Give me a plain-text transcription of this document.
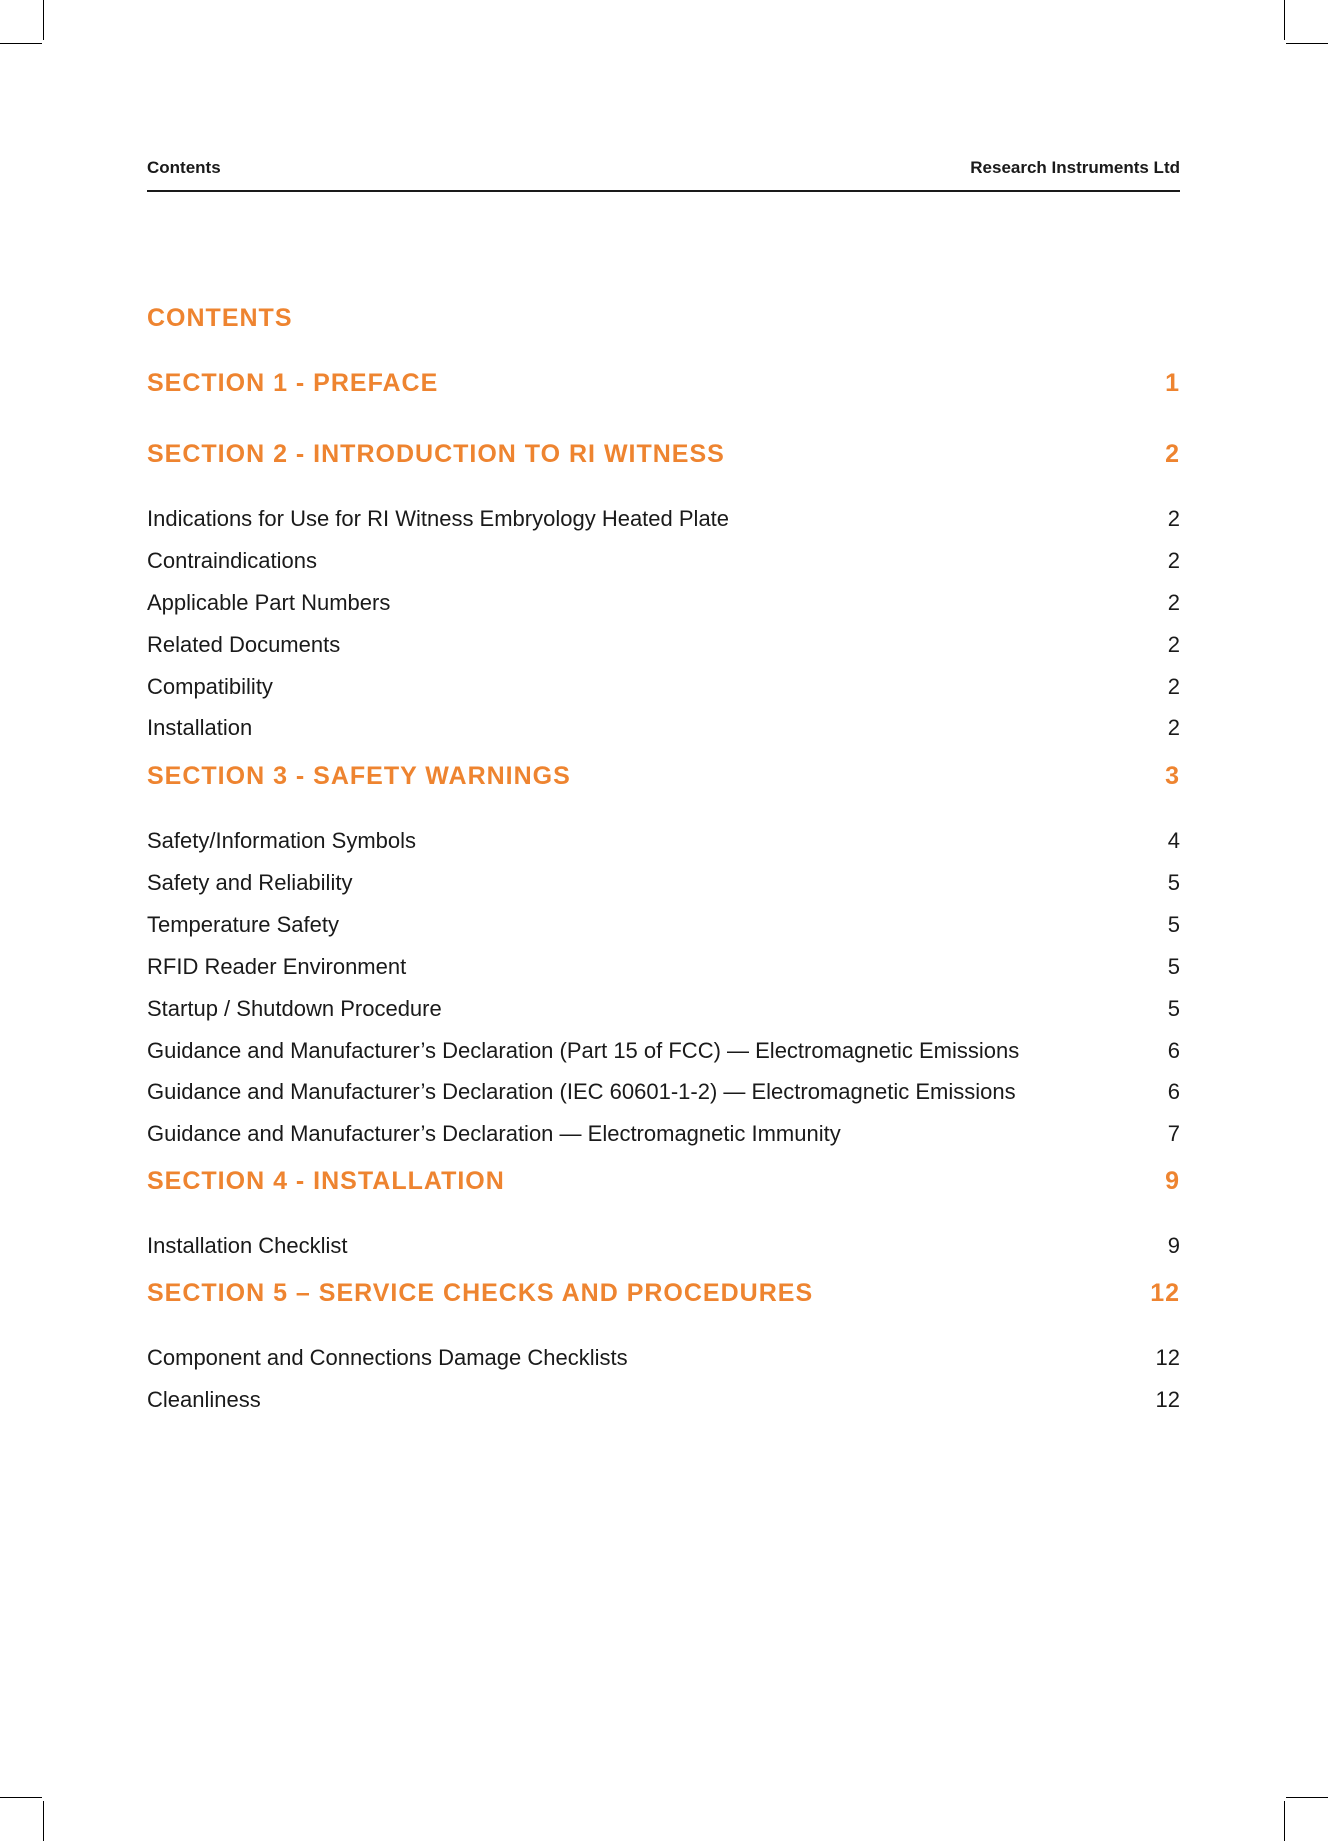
Contents	Research Instruments Ltd
CONTENTS
SECTION 1 - PREFACE	1
SECTION 2 - INTRODUCTION TO RI WITNESS	2
Indications for Use for RI Witness Embryology Heated Plate	2
Contraindications	2
Applicable Part Numbers	2
Related Documents	2
Compatibility	2
Installation	2
SECTION 3 - SAFETY WARNINGS	3
Safety/Information Symbols	4
Safety and Reliability	5
Temperature Safety	5
RFID Reader Environment	5
Startup / Shutdown Procedure	5
Guidance and Manufacturer’s Declaration (Part 15 of FCC) — Electromagnetic Emissions	6
Guidance and Manufacturer’s Declaration (IEC 60601-1-2) — Electromagnetic Emissions	6
Guidance and Manufacturer’s Declaration — Electromagnetic Immunity	7
SECTION 4 - INSTALLATION	9
Installation Checklist	9
SECTION 5 – SERVICE CHECKS AND PROCEDURES	12
Component and Connections Damage Checklists	12
Cleanliness	12
